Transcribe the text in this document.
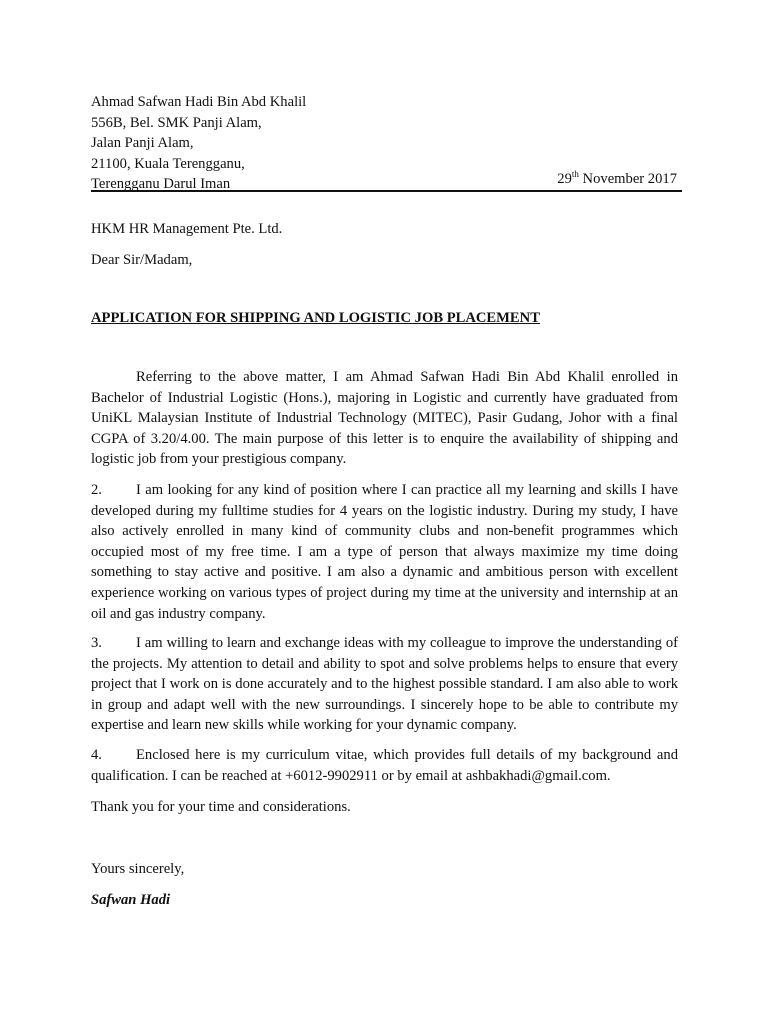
Ahmad Safwan Hadi Bin Abd Khalil
556B, Bel. SMK Panji Alam,
Jalan Panji Alam,
21100, Kuala Terengganu,
Terengganu Darul Iman	29th November 2017
HKM HR Management Pte. Ltd.
Dear Sir/Madam,
APPLICATION FOR SHIPPING AND LOGISTIC JOB PLACEMENT

Referring to the above matter, I am Ahmad Safwan Hadi Bin Abd Khalil enrolled in Bachelor of Industrial Logistic (Hons.), majoring in Logistic and currently have graduated from UniKL Malaysian Institute of Industrial Technology (MITEC), Pasir Gudang, Johor with a final CGPA of 3.20/4.00. The main purpose of this letter is to enquire the availability of shipping and logistic job from your prestigious company.

2. I am looking for any kind of position where I can practice all my learning and skills I have developed during my fulltime studies for 4 years on the logistic industry. During my study, I have also actively enrolled in many kind of community clubs and non-benefit programmes which occupied most of my free time. I am a type of person that always maximize my time doing something to stay active and positive. I am also a dynamic and ambitious person with excellent experience working on various types of project during my time at the university and internship at an oil and gas industry company.

3. I am willing to learn and exchange ideas with my colleague to improve the understanding of the projects. My attention to detail and ability to spot and solve problems helps to ensure that every project that I work on is done accurately and to the highest possible standard. I am also able to work in group and adapt well with the new surroundings. I sincerely hope to be able to contribute my expertise and learn new skills while working for your dynamic company.

4. Enclosed here is my curriculum vitae, which provides full details of my background and qualification. I can be reached at +6012-9902911 or by email at ashbakhadi@gmail.com.

Thank you for your time and considerations.
Yours sincerely,
Safwan Hadi
